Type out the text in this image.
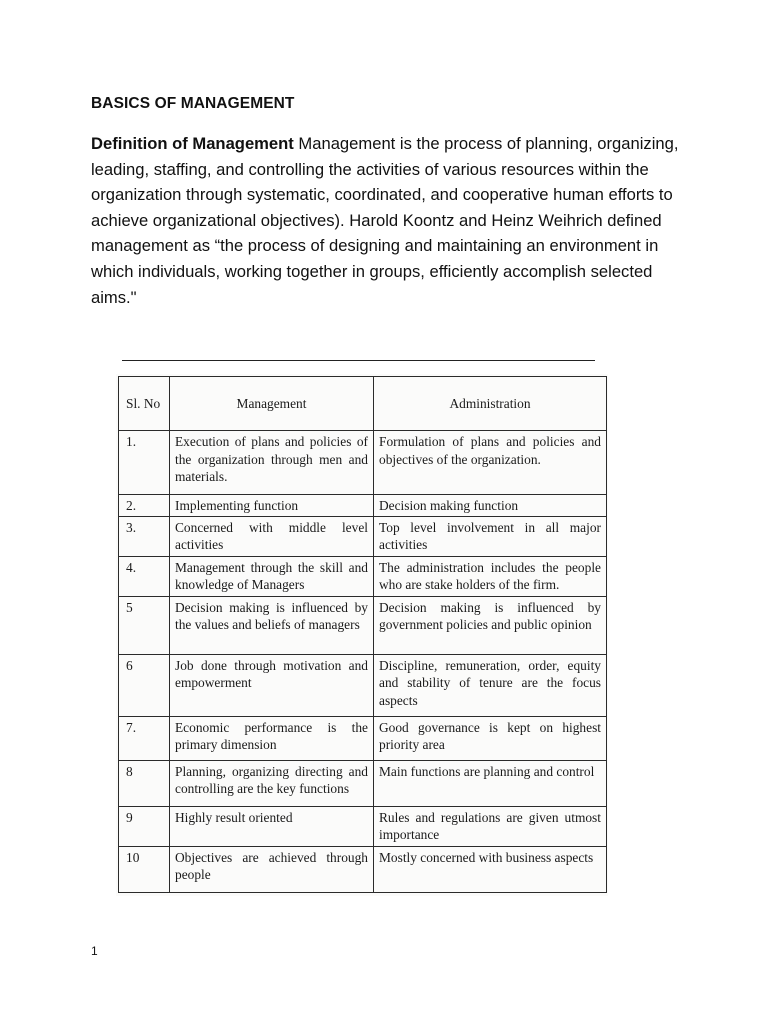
BASICS OF MANAGEMENT
Definition of Management Management is the process of planning, organizing, leading, staffing, and controlling the activities of various resources within the organization through systematic, coordinated, and cooperative human efforts to achieve organizational objectives). Harold Koontz and Heinz Weihrich defined management as “the process of designing and maintaining an environment in which individuals, working together in groups, efficiently accomplish selected aims."
Sl. No	Management	Administration
1.	Execution of plans and policies of the organization through men and materials.	Formulation of plans and policies and objectives of the organization.
2.	Implementing function	Decision making function
3.	Concerned with middle level activities	Top level involvement in all major activities
4.	Management through the skill and knowledge of Managers	The administration includes the people who are stake holders of the firm.
5	Decision making is influenced by the values and beliefs of managers	Decision making is influenced by government policies and public opinion
6	Job done through motivation and empowerment	Discipline, remuneration, order, equity and stability of tenure are the focus aspects
7.	Economic performance is the primary dimension	Good governance is kept on highest priority area
8	Planning, organizing directing and controlling are the key functions	Main functions are planning and control
9	Highly result oriented	Rules and regulations are given utmost importance
10	Objectives are achieved through people	Mostly concerned with business aspects
1
